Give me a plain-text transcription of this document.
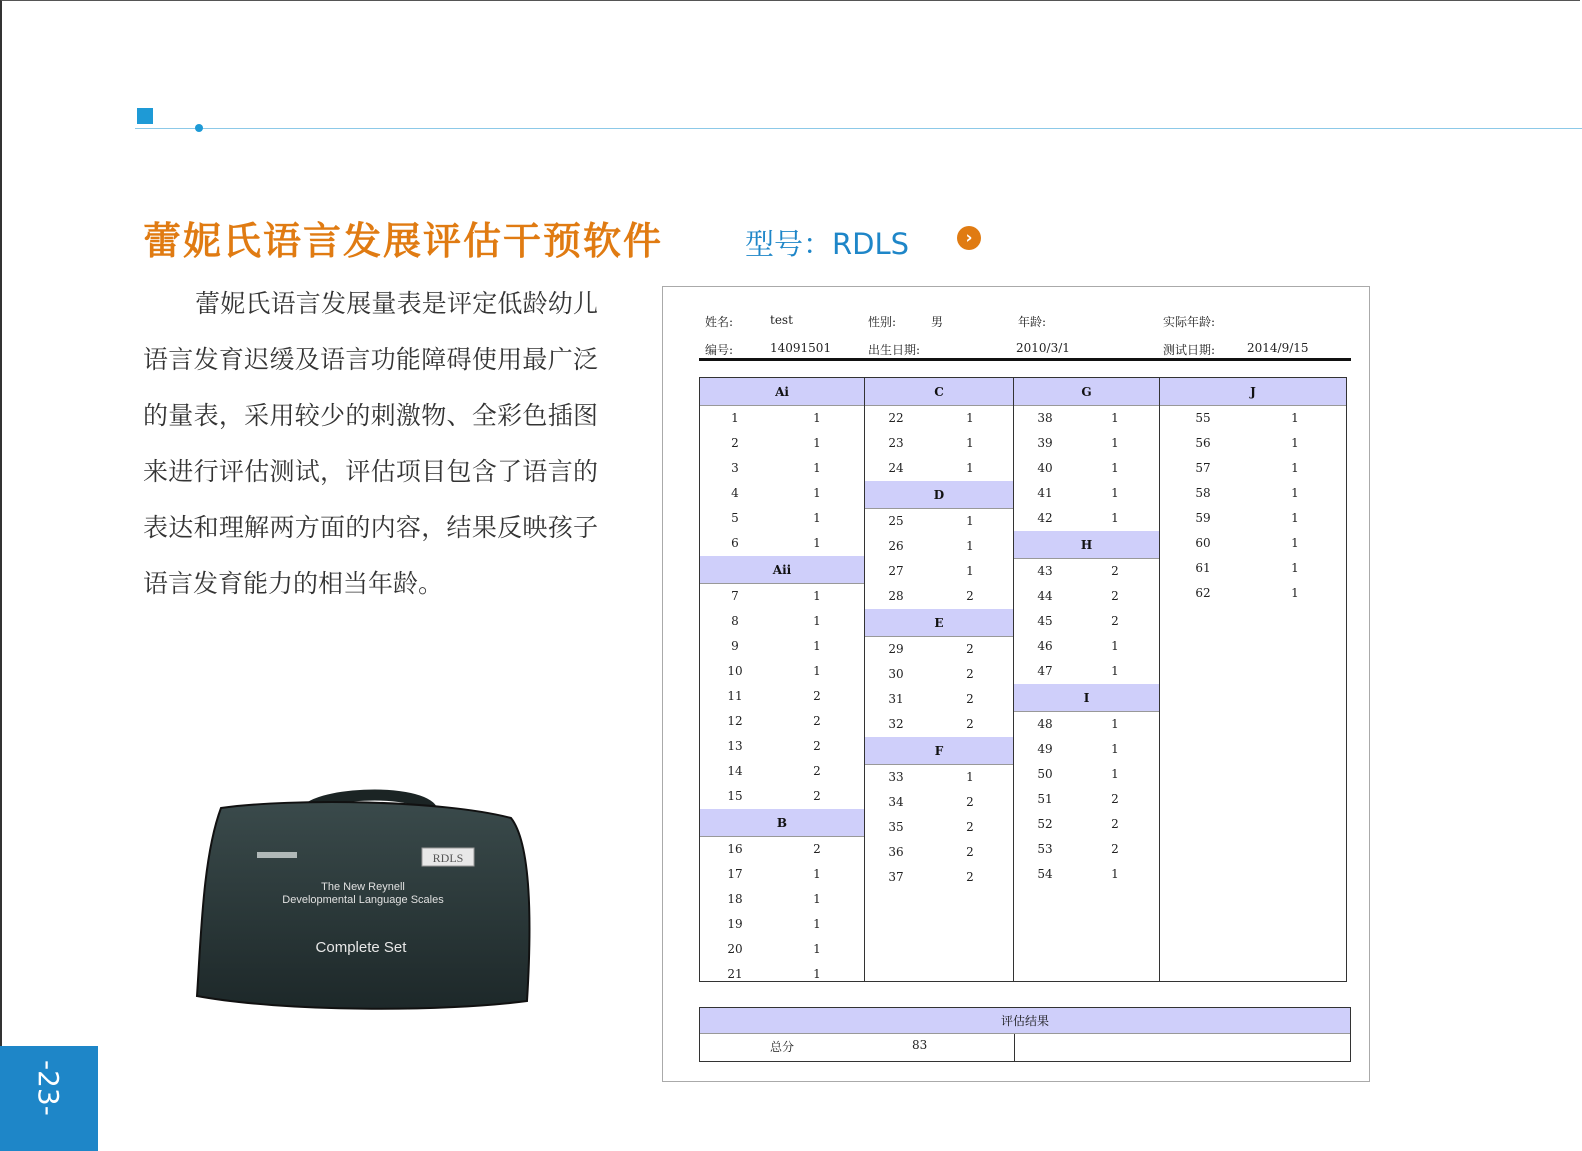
蕾妮氏语言发展评估干预软件	型号：RDLS	›

蕾妮氏语言发展量表是评定低龄幼儿语言发育迟缓及语言功能障碍使用最广泛的量表，采用较少的刺激物、全彩色插图来进行评估测试，评估项目包含了语言的表达和理解两方面的内容，结果反映孩子语言发育能力的相当年龄。

RDLS
The New Reynell
Developmental Language Scales
Complete Set
-23-
姓名:	test	性别:	男	年龄:	实际年龄:
编号:	14091501	出生日期:	2010/3/1	测试日期:	2014/9/15
Ai
1	1
2	1
3	1
4	1
5	1
6	1
Aii
7	1
8	1
9	1
10	1
11	2
12	2
13	2
14	2
15	2
B
16	2
17	1
18	1
19	1
20	1
21	1
C
22	1
23	1
24	1
D
25	1
26	1
27	1
28	2
E
29	2
30	2
31	2
32	2
F
33	1
34	2
35	2
36	2
37	2
G
38	1
39	1
40	1
41	1
42	1
H
43	2
44	2
45	2
46	1
47	1
I
48	1
49	1
50	1
51	2
52	2
53	2
54	1
J
55	1
56	1
57	1
58	1
59	1
60	1
61	1
62	1
评估结果
总分	83
